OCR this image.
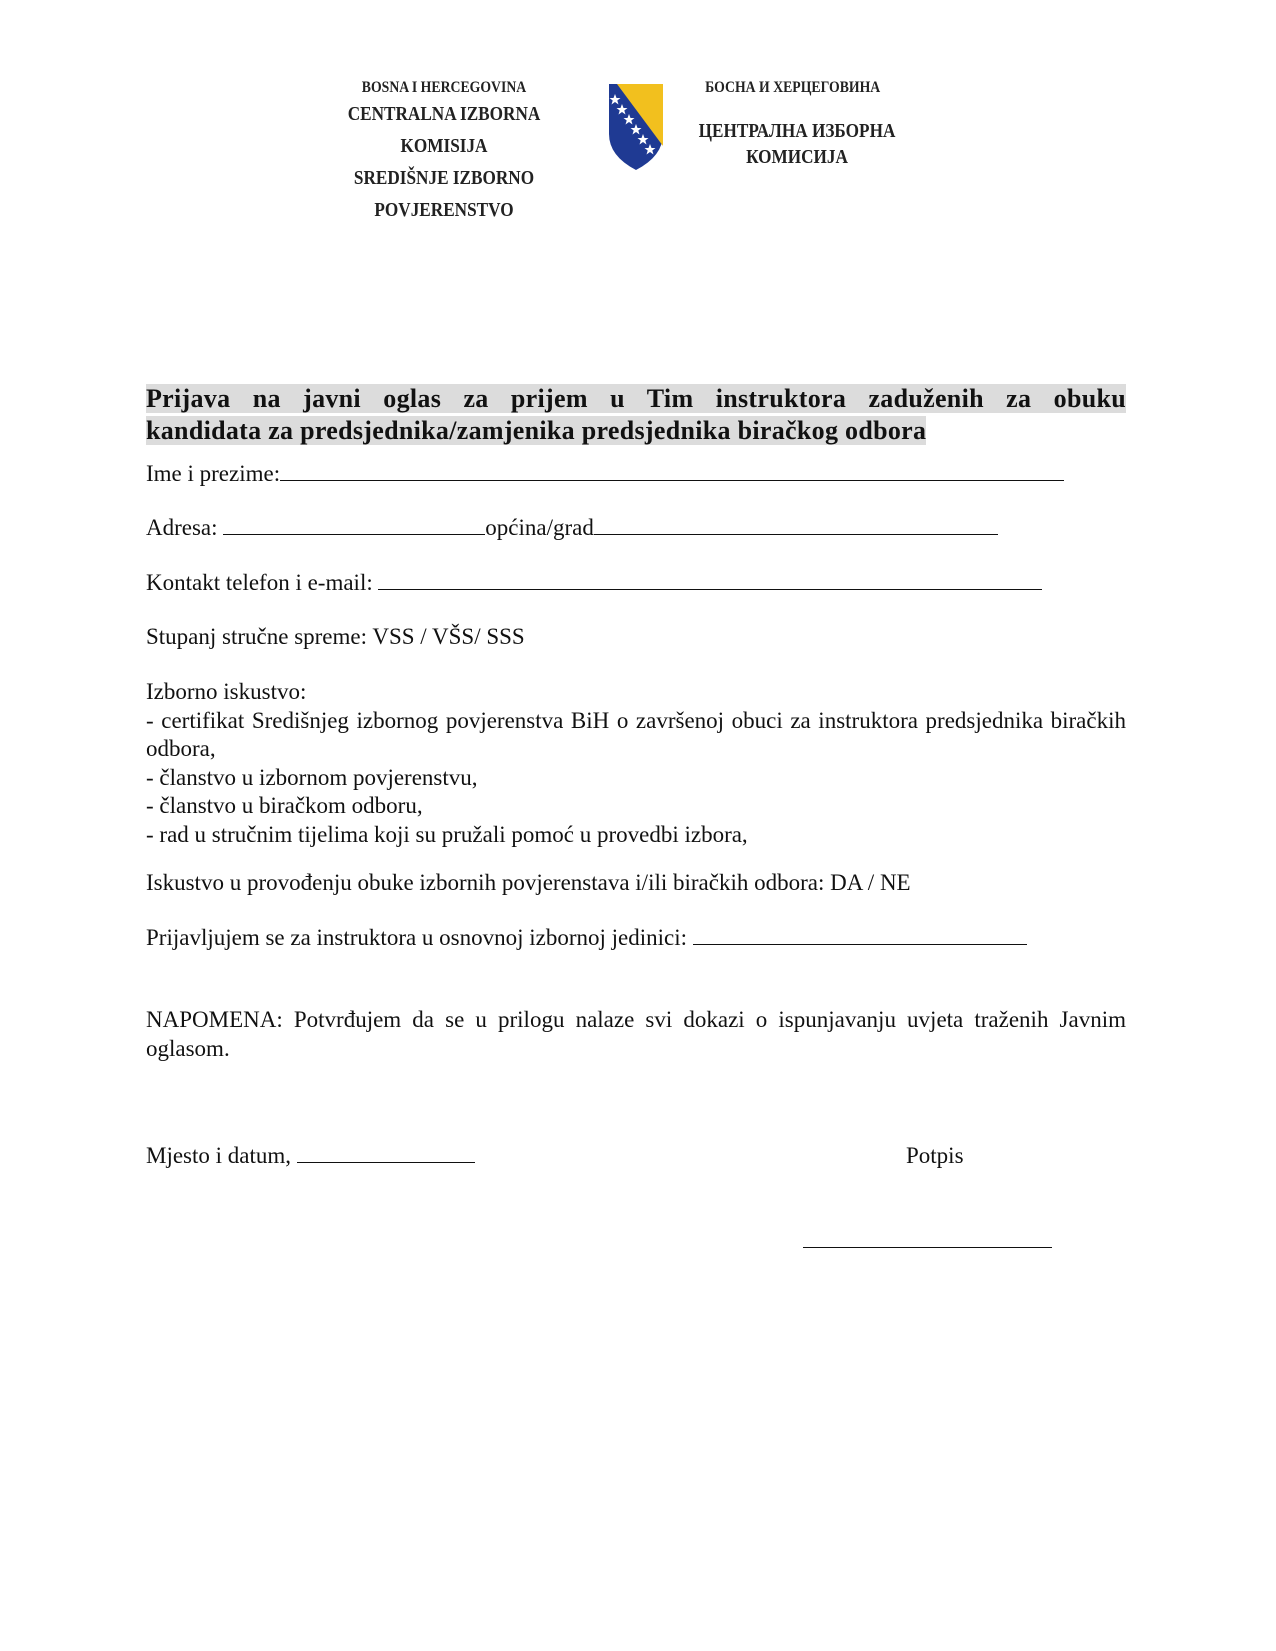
BOSNA I HERCEGOVINA
CENTRALNA IZBORNA KOMISIJA
SREDIŠNJE IZBORNO POVJERENSTVO
БОСНА И ХЕРЦЕГОВИНА
ЦЕНТРАЛНА ИЗБОРНА КОМИСИЈА
Prijava na javni oglas za prijem u Tim instruktora zaduženih za obuku
kandidata za predsjednika/zamjenika predsjednika biračkog odbora
Ime i prezime:
Adresa:	općina/grad
Kontakt telefon i e-mail:
Stupanj stručne spreme: VSS / VŠS/ SSS
Izborno iskustvo:
- certifikat Središnjeg izbornog povjerenstva BiH o završenoj obuci za instruktora predsjednika biračkih odbora,
- članstvo u izbornom povjerenstvu,
- članstvo u biračkom odboru,
- rad u stručnim tijelima koji su pružali pomoć u provedbi izbora,
Iskustvo u provođenju obuke izbornih povjerenstava i/ili biračkih odbora: DA / NE
Prijavljujem se za instruktora u osnovnoj izbornoj jedinici:
NAPOMENA: Potvrđujem da se u prilogu nalaze svi dokazi o ispunjavanju uvjeta traženih Javnim oglasom.
Mjesto i datum,	Potpis
